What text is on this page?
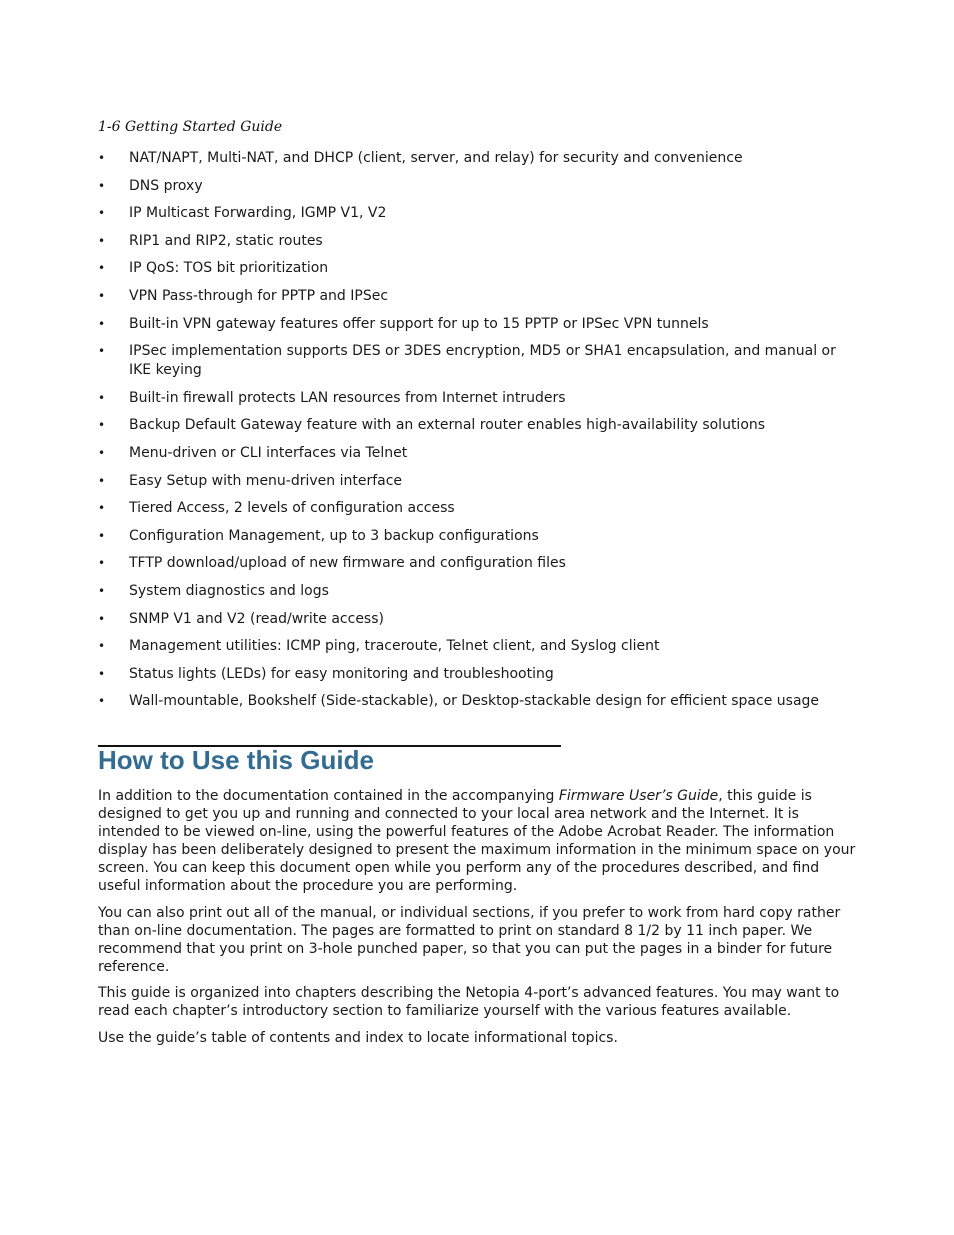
1-6 Getting Started Guide
• NAT/NAPT, Multi-NAT, and DHCP (client, server, and relay) for security and convenience
• DNS proxy
• IP Multicast Forwarding, IGMP V1, V2
• RIP1 and RIP2, static routes
• IP QoS: TOS bit prioritization
• VPN Pass-through for PPTP and IPSec
• Built-in VPN gateway features offer support for up to 15 PPTP or IPSec VPN tunnels
• IPSec implementation supports DES or 3DES encryption, MD5 or SHA1 encapsulation, and manual or IKE keying
• Built-in firewall protects LAN resources from Internet intruders
• Backup Default Gateway feature with an external router enables high-availability solutions
• Menu-driven or CLI interfaces via Telnet
• Easy Setup with menu-driven interface
• Tiered Access, 2 levels of configuration access
• Configuration Management, up to 3 backup configurations
• TFTP download/upload of new firmware and configuration files
• System diagnostics and logs
• SNMP V1 and V2 (read/write access)
• Management utilities: ICMP ping, traceroute, Telnet client, and Syslog client
• Status lights (LEDs) for easy monitoring and troubleshooting
• Wall-mountable, Bookshelf (Side-stackable), or Desktop-stackable design for efficient space usage
How to Use this Guide

In addition to the documentation contained in the accompanying Firmware User’s Guide, this guide is designed to get you up and running and connected to your local area network and the Internet. It is intended to be viewed on-line, using the powerful features of the Adobe Acrobat Reader. The information display has been deliberately designed to present the maximum information in the minimum space on your screen. You can keep this document open while you perform any of the procedures described, and find useful information about the procedure you are performing.

You can also print out all of the manual, or individual sections, if you prefer to work from hard copy rather than on-line documentation. The pages are formatted to print on standard 8 1/2 by 11 inch paper. We recommend that you print on 3-hole punched paper, so that you can put the pages in a binder for future reference.

This guide is organized into chapters describing the Netopia 4-port’s advanced features. You may want to read each chapter’s introductory section to familiarize yourself with the various features available.

Use the guide’s table of contents and index to locate informational topics.
